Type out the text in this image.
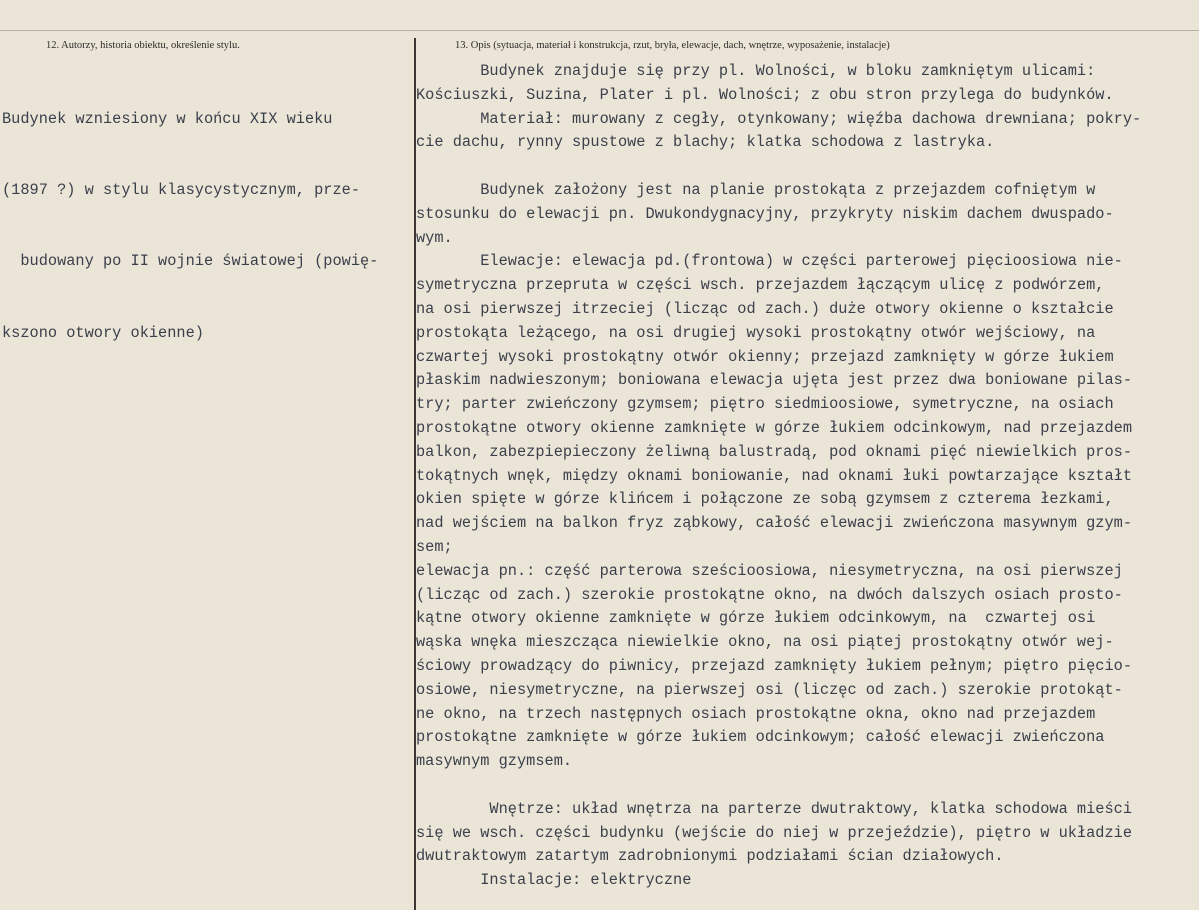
12. Autorzy, historia obiektu, określenie stylu.	13. Opis (sytuacja, materiał i konstrukcja, rzut, bryła, elewacje, dach, wnętrze, wyposażenie, instalacje)

Budynek wzniesiony w końcu XIX wieku

(1897 ?) w stylu klasycystycznym, prze-

budowany po II wojnie światowej (powię-

kszono otwory okienne)

Budynek znajduje się przy pl. Wolności, w bloku zamkniętym ulicami:
Kościuszki, Suzina, Plater i pl. Wolności; z obu stron przylega do budynków.
Materiał: murowany z cegły, otynkowany; więźba dachowa drewniana; pokry-
cie dachu, rynny spustowe z blachy; klatka schodowa z lastryka.
Budynek założony jest na planie prostokąta z przejazdem cofniętym w
stosunku do elewacji pn. Dwukondygnacyjny, przykryty niskim dachem dwuspado-
wym.
Elewacje: elewacja pd.(frontowa) w części parterowej pięcioosiowa nie-
symetryczna przepruta w części wsch. przejazdem łączącym ulicę z podwórzem,
na osi pierwszej itrzeciej (licząc od zach.) duże otwory okienne o kształcie
prostokąta leżącego, na osi drugiej wysoki prostokątny otwór wejściowy, na
czwartej wysoki prostokątny otwór okienny; przejazd zamknięty w górze łukiem
płaskim nadwieszonym; boniowana elewacja ujęta jest przez dwa boniowane pilas-
try; parter zwieńczony gzymsem; piętro siedmioosiowe, symetryczne, na osiach
prostokątne otwory okienne zamknięte w górze łukiem odcinkowym, nad przejazdem
balkon, zabezpiepieczony żeliwną balustradą, pod oknami pięć niewielkich pros-
tokątnych wnęk, między oknami boniowanie, nad oknami łuki powtarzające kształt
okien spięte w górze klińcem i połączone ze sobą gzymsem z czterema łezkami,
nad wejściem na balkon fryz ząbkowy, całość elewacji zwieńczona masywnym gzym-
sem;
elewacja pn.: część parterowa sześcioosiowa, niesymetryczna, na osi pierwszej
(licząc od zach.) szerokie prostokątne okno, na dwóch dalszych osiach prosto-
kątne otwory okienne zamknięte w górze łukiem odcinkowym, na  czwartej osi
wąska wnęka mieszcząca niewielkie okno, na osi piątej prostokątny otwór wej-
ściowy prowadzący do piwnicy, przejazd zamknięty łukiem pełnym; piętro pięcio-
osiowe, niesymetryczne, na pierwszej osi (liczęc od zach.) szerokie protokąt-
ne okno, na trzech następnych osiach prostokątne okna, okno nad przejazdem
prostokątne zamknięte w górze łukiem odcinkowym; całość elewacji zwieńczona
masywnym gzymsem.
Wnętrze: układ wnętrza na parterze dwutraktowy, klatka schodowa mieści
się we wsch. części budynku (wejście do niej w przejeździe), piętro w układzie
dwutraktowym zatartym zadrobnionymi podziałami ścian działowych.
Instalacje: elektryczne
